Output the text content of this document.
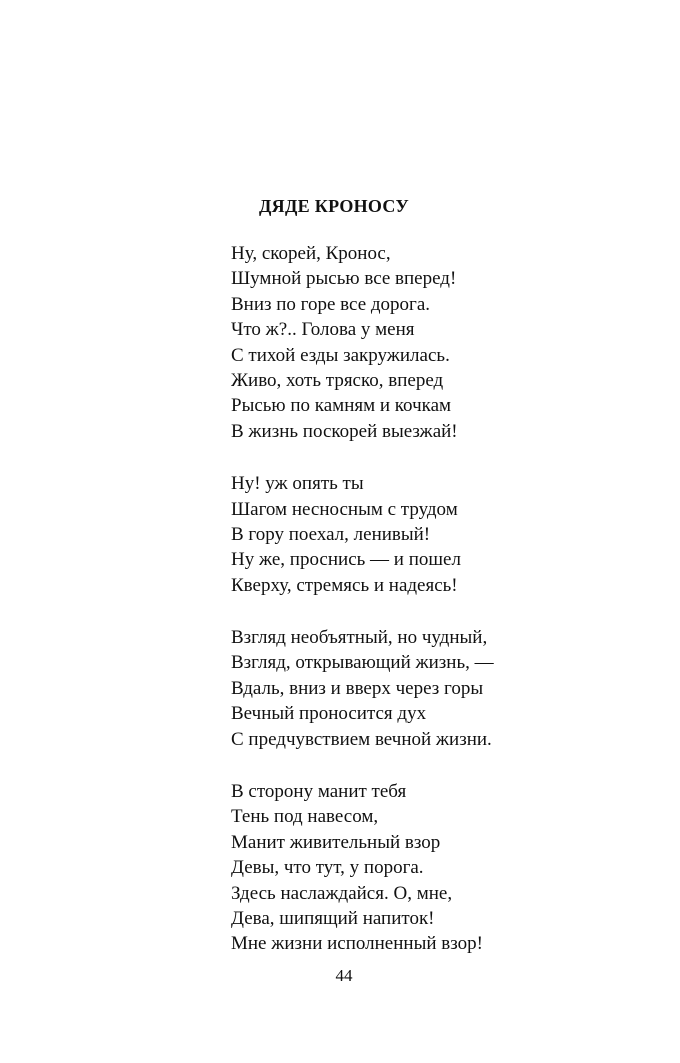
ДЯДЕ КРОНОСУ
Ну, скорей, Кронос,
Шумной рысью все вперед!
Вниз по горе все дорога.
Что ж?.. Голова у меня
С тихой езды закружилась.
Живо, хоть тряско, вперед
Рысью по камням и кочкам
В жизнь поскорей выезжай!
Ну! уж опять ты
Шагом несносным с трудом
В гору поехал, ленивый!
Ну же, проснись — и пошел
Кверху, стремясь и надеясь!
Взгляд необъятный, но чудный,
Взгляд, открывающий жизнь, —
Вдаль, вниз и вверх через горы
Вечный проносится дух
С предчувствием вечной жизни.
В сторону манит тебя
Тень под навесом,
Манит живительный взор
Девы, что тут, у порога.
Здесь наслаждайся. О, мне,
Дева, шипящий напиток!
Мне жизни исполненный взор!
44
